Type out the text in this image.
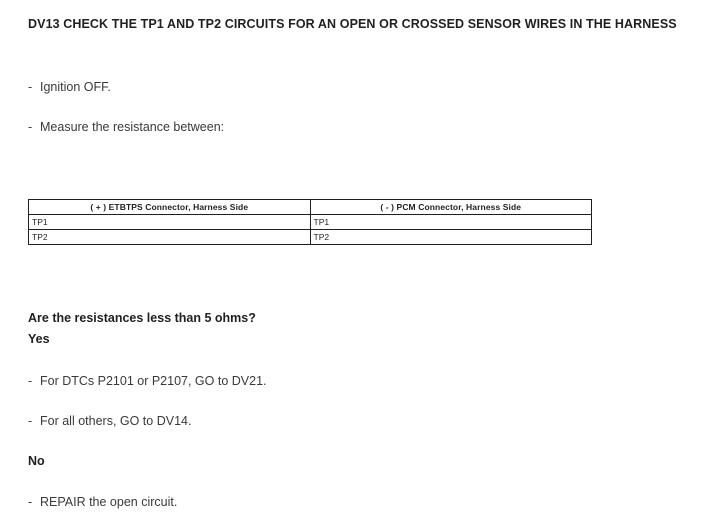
DV13 CHECK THE TP1 AND TP2 CIRCUITS FOR AN OPEN OR CROSSED SENSOR WIRES IN THE HARNESS
- Ignition OFF.
- Measure the resistance between:
( + ) ETBTPS Connector, Harness Side	( - ) PCM Connector, Harness Side
TP1	TP1
TP2	TP2
Are the resistances less than 5 ohms?
Yes
- For DTCs P2101 or P2107, GO to DV21.
- For all others, GO to DV14.
No
- REPAIR the open circuit.
